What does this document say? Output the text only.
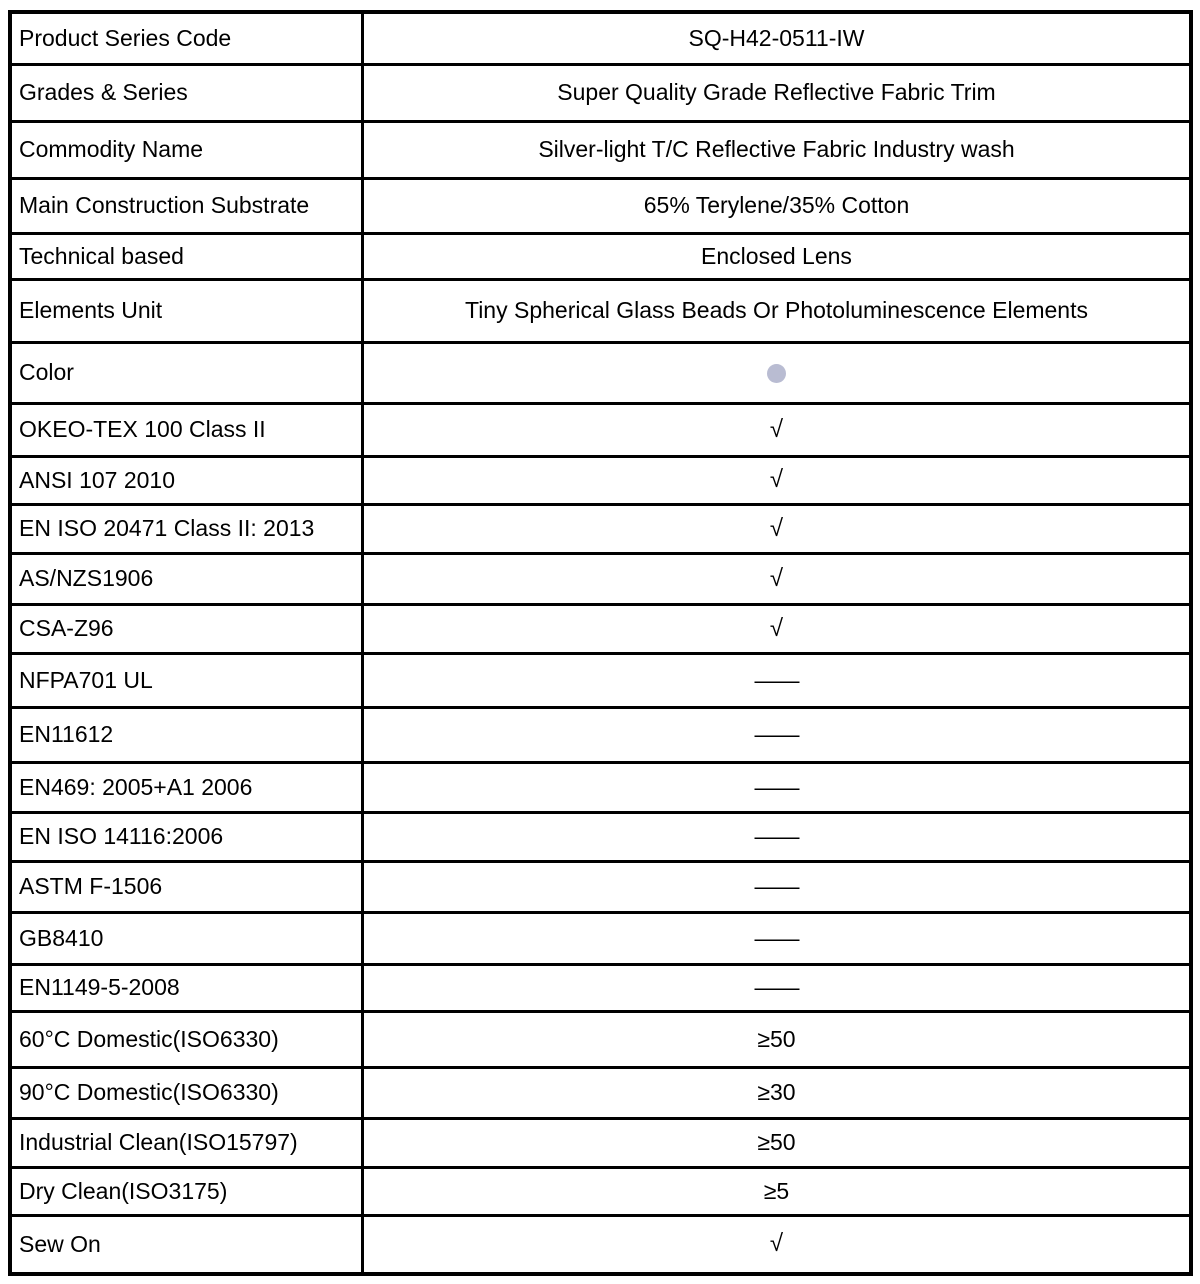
Product Series Code	SQ-H42-0511-IW
Grades & Series	Super Quality Grade Reflective Fabric Trim
Commodity Name	Silver-light T/C Reflective Fabric Industry wash
Main Construction Substrate	65% Terylene/35% Cotton
Technical based	Enclosed Lens
Elements Unit	Tiny Spherical Glass Beads Or Photoluminescence Elements
Color
OKEO-TEX 100 Class II	√
ANSI 107 2010	√
EN ISO 20471 Class II: 2013	√
AS/NZS1906	√
CSA-Z96	√
NFPA701 UL	——
EN11612	——
EN469: 2005+A1 2006	——
EN ISO 14116:2006	——
ASTM F-1506	——
GB8410	——
EN1149-5-2008	——
60°C Domestic(ISO6330)	≥50
90°C Domestic(ISO6330)	≥30
Industrial Clean(ISO15797)	≥50
Dry Clean(ISO3175)	≥5
Sew On	√
